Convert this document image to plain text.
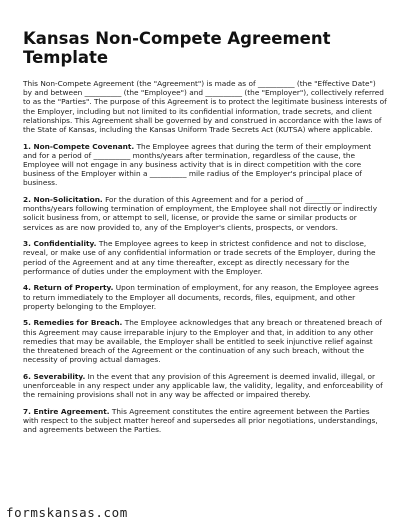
Kansas Non-Compete Agreement Template

This Non-Compete Agreement (the "Agreement") is made as of __________ (the "Effective Date") by and between __________ (the "Employee") and __________ (the "Employer"), collectively referred to as the "Parties". The purpose of this Agreement is to protect the legitimate business interests of the Employer, including but not limited to its confidential information, trade secrets, and client relationships. This Agreement shall be governed by and construed in accordance with the laws of the State of Kansas, including the Kansas Uniform Trade Secrets Act (KUTSA) where applicable.

1. Non-Compete Covenant. The Employee agrees that during the term of their employment and for a period of __________ months/years after termination, regardless of the cause, the Employee will not engage in any business activity that is in direct competition with the core business of the Employer within a __________ mile radius of the Employer's principal place of business.

2. Non-Solicitation. For the duration of this Agreement and for a period of __________ months/years following termination of employment, the Employee shall not directly or indirectly solicit business from, or attempt to sell, license, or provide the same or similar products or services as are now provided to, any of the Employer's clients, prospects, or vendors.

3. Confidentiality. The Employee agrees to keep in strictest confidence and not to disclose, reveal, or make use of any confidential information or trade secrets of the Employer, during the period of the Agreement and at any time thereafter, except as directly necessary for the performance of duties under the employment with the Employer.

4. Return of Property. Upon termination of employment, for any reason, the Employee agrees to return immediately to the Employer all documents, records, files, equipment, and other property belonging to the Employer.

5. Remedies for Breach. The Employee acknowledges that any breach or threatened breach of this Agreement may cause irreparable injury to the Employer and that, in addition to any other remedies that may be available, the Employer shall be entitled to seek injunctive relief against the threatened breach of the Agreement or the continuation of any such breach, without the necessity of proving actual damages.

6. Severability. In the event that any provision of this Agreement is deemed invalid, illegal, or unenforceable in any respect under any applicable law, the validity, legality, and enforceability of the remaining provisions shall not in any way be affected or impaired thereby.

7. Entire Agreement. This Agreement constitutes the entire agreement between the Parties with respect to the subject matter hereof and supersedes all prior negotiations, understandings, and agreements between the Parties.

formskansas.com
